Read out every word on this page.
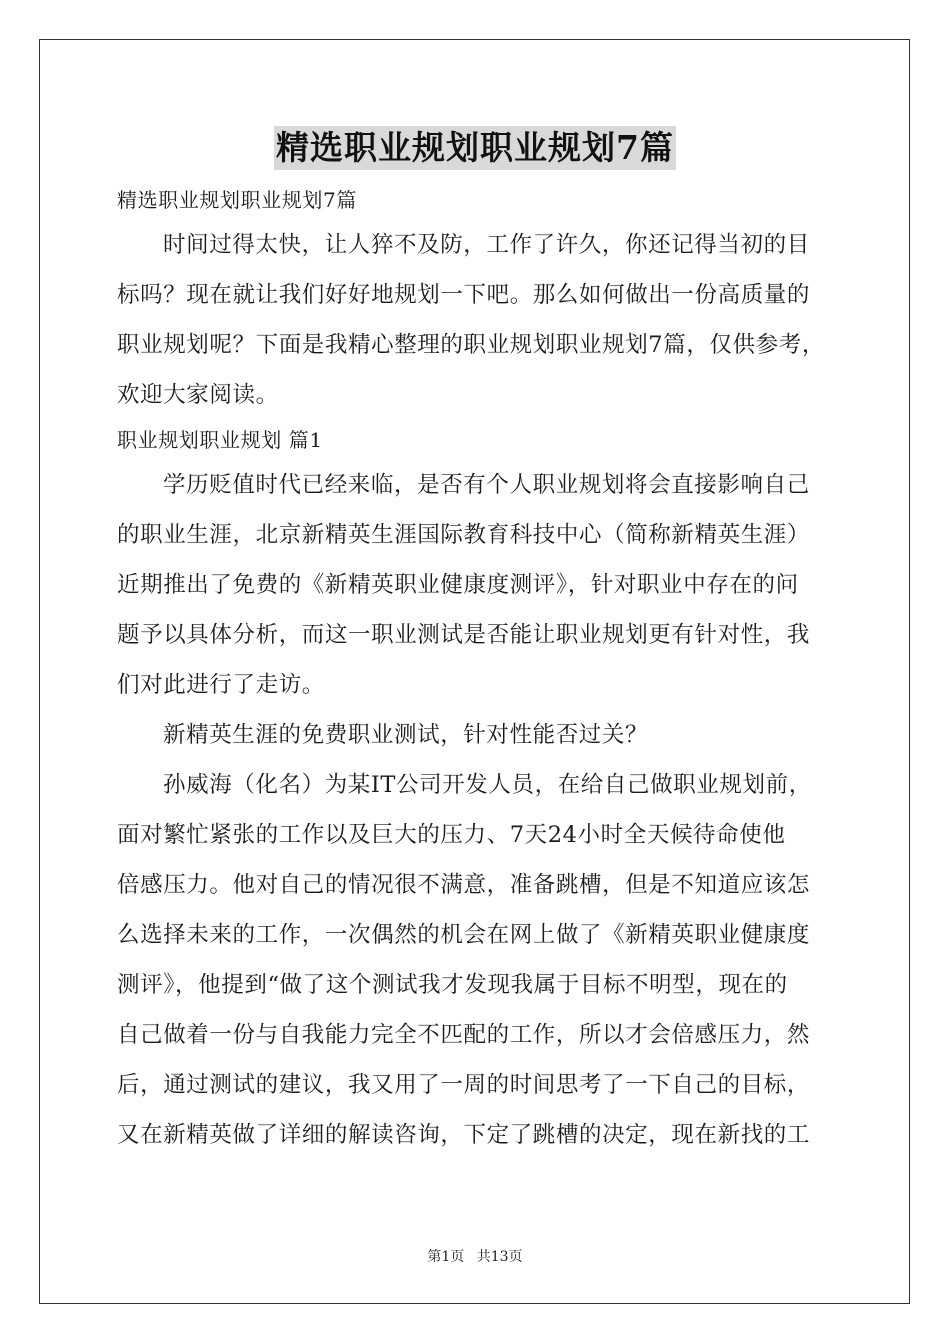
精选职业规划职业规划7篇

精选职业规划职业规划7篇

时间过得太快，让人猝不及防，工作了许久，你还记得当初的目

标吗？现在就让我们好好地规划一下吧。那么如何做出一份高质量的

职业规划呢？下面是我精心整理的职业规划职业规划7篇，仅供参考，

欢迎大家阅读。

职业规划职业规划 篇1

学历贬值时代已经来临，是否有个人职业规划将会直接影响自己

的职业生涯，北京新精英生涯国际教育科技中心（简称新精英生涯）

近期推出了免费的《新精英职业健康度测评》，针对职业中存在的问

题予以具体分析，而这一职业测试是否能让职业规划更有针对性，我

们对此进行了走访。

新精英生涯的免费职业测试，针对性能否过关？

孙威海（化名）为某IT公司开发人员，在给自己做职业规划前，

面对繁忙紧张的工作以及巨大的压力、7天24小时全天候待命使他

倍感压力。他对自己的情况很不满意，准备跳槽，但是不知道应该怎

么选择未来的工作，一次偶然的机会在网上做了《新精英职业健康度

测评》，他提到“做了这个测试我才发现我属于目标不明型，现在的

自己做着一份与自我能力完全不匹配的工作，所以才会倍感压力，然

后，通过测试的建议，我又用了一周的时间思考了一下自己的目标，

又在新精英做了详细的解读咨询，下定了跳槽的决定，现在新找的工

第1页 共13页
